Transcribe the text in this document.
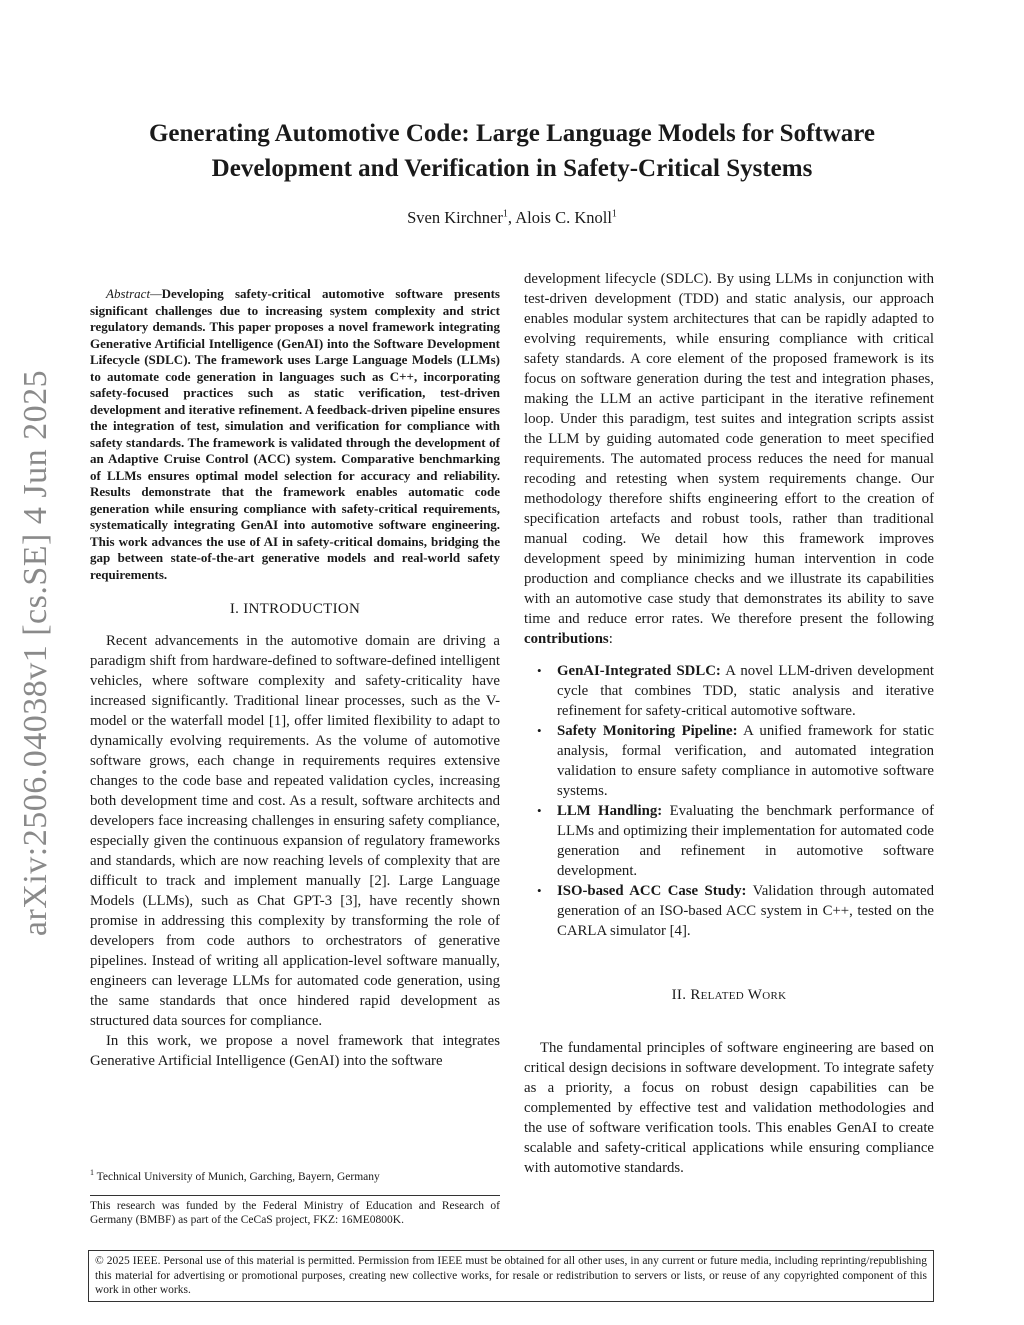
arXiv:2506.04038v1 [cs.SE] 4 Jun 2025
Generating Automotive Code: Large Language Models for Software Development and Verification in Safety-Critical Systems
Sven Kirchner$^1$, Alois C. Knoll$^1$

Abstract—Developing safety-critical automotive software presents significant challenges due to increasing system complexity and strict regulatory demands. This paper proposes a novel framework integrating Generative Artificial Intelligence (GenAI) into the Software Development Lifecycle (SDLC). The framework uses Large Language Models (LLMs) to automate code generation in languages such as C++, incorporating safety-focused practices such as static verification, test-driven development and iterative refinement. A feedback-driven pipeline ensures the integration of test, simulation and verification for compliance with safety standards. The framework is validated through the development of an Adaptive Cruise Control (ACC) system. Comparative benchmarking of LLMs ensures optimal model selection for accuracy and reliability. Results demonstrate that the framework enables automatic code generation while ensuring compliance with safety-critical requirements, systematically integrating GenAI into automotive software engineering. This work advances the use of AI in safety-critical domains, bridging the gap between state-of-the-art generative models and real-world safety requirements.

I. INTRODUCTION

Recent advancements in the automotive domain are driving a paradigm shift from hardware-defined to software-defined intelligent vehicles, where software complexity and safety-criticality have increased significantly. Traditional linear processes, such as the V-model or the waterfall model [1], offer limited flexibility to adapt to dynamically evolving requirements. As the volume of automotive software grows, each change in requirements requires extensive changes to the code base and repeated validation cycles, increasing both development time and cost. As a result, software architects and developers face increasing challenges in ensuring safety compliance, especially given the continuous expansion of regulatory frameworks and standards, which are now reaching levels of complexity that are difficult to track and implement manually [2]. Large Language Models (LLMs), such as Chat GPT-3 [3], have recently shown promise in addressing this complexity by transforming the role of developers from code authors to orchestrators of generative pipelines. Instead of writing all application-level software manually, engineers can leverage LLMs for automated code generation, using the same standards that once hindered rapid development as structured data sources for compliance.

In this work, we propose a novel framework that integrates Generative Artificial Intelligence (GenAI) into the software

$^1$ Technical University of Munich, Garching, Bayern, Germany

This research was funded by the Federal Ministry of Education and Research of Germany (BMBF) as part of the CeCaS project, FKZ: 16ME0800K.

development lifecycle (SDLC). By using LLMs in conjunction with test-driven development (TDD) and static analysis, our approach enables modular system architectures that can be rapidly adapted to evolving requirements, while ensuring compliance with critical safety standards. A core element of the proposed framework is its focus on software generation during the test and integration phases, making the LLM an active participant in the iterative refinement loop. Under this paradigm, test suites and integration scripts assist the LLM by guiding automated code generation to meet specified requirements. The automated process reduces the need for manual recoding and retesting when system requirements change. Our methodology therefore shifts engineering effort to the creation of specification artefacts and robust tools, rather than traditional manual coding. We detail how this framework improves development speed by minimizing human intervention in code production and compliance checks and we illustrate its capabilities with an automotive case study that demonstrates its ability to save time and reduce error rates. We therefore present the following contributions:

• GenAI-Integrated SDLC: A novel LLM-driven development cycle that combines TDD, static analysis and iterative refinement for safety-critical automotive software.
• Safety Monitoring Pipeline: A unified framework for static analysis, formal verification, and automated integration validation to ensure safety compliance in automotive software systems.
• LLM Handling: Evaluating the benchmark performance of LLMs and optimizing their implementation for automated code generation and refinement in automotive software development.
• ISO-based ACC Case Study: Validation through automated generation of an ISO-based ACC system in C++, tested on the CARLA simulator [4].
II. Related Work

The fundamental principles of software engineering are based on critical design decisions in software development. To integrate safety as a priority, a focus on robust design capabilities can be complemented by effective test and validation methodologies and the use of software verification tools. This enables GenAI to create scalable and safety-critical applications while ensuring compliance with automotive standards.

© 2025 IEEE. Personal use of this material is permitted. Permission from IEEE must be obtained for all other uses, in any current or future media, including reprinting/republishing this material for advertising or promotional purposes, creating new collective works, for resale or redistribution to servers or lists, or reuse of any copyrighted component of this work in other works.
